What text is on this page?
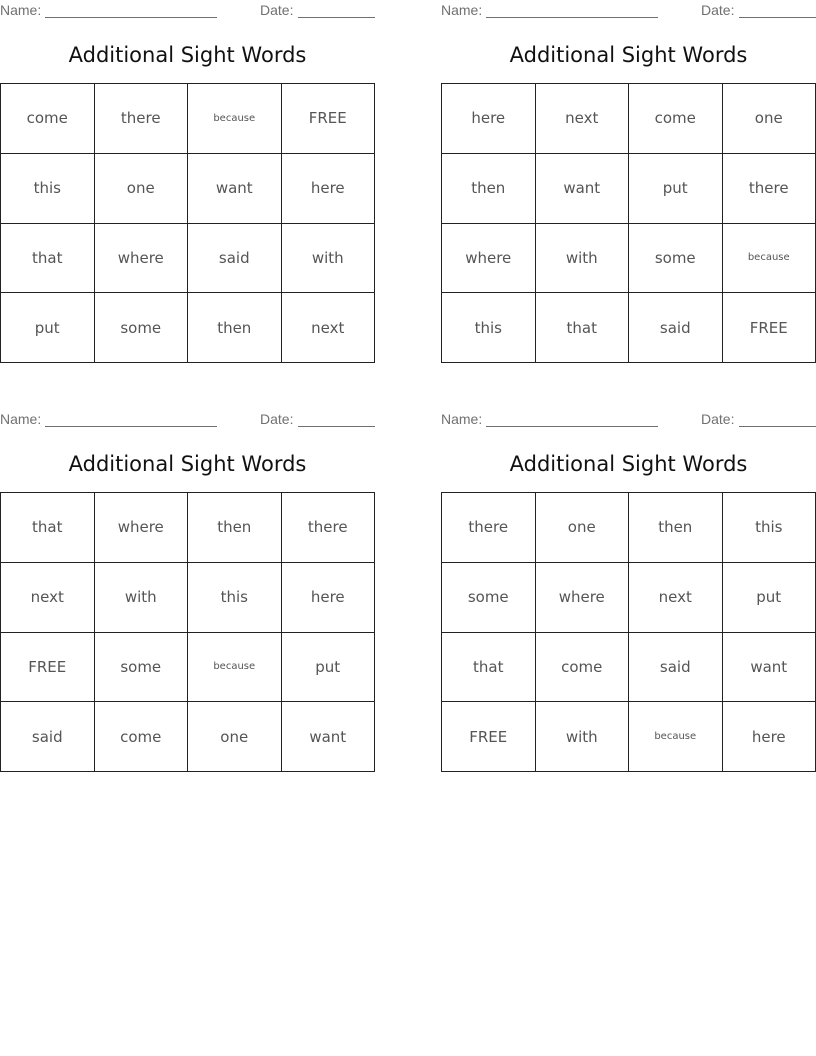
Name:	Date:
Additional Sight Words
come	there	because	FREE
this	one	want	here
that	where	said	with
put	some	then	next
Name:	Date:
Additional Sight Words
here	next	come	one
then	want	put	there
where	with	some	because
this	that	said	FREE
Name:	Date:
Additional Sight Words
that	where	then	there
next	with	this	here
FREE	some	because	put
said	come	one	want
Name:	Date:
Additional Sight Words
there	one	then	this
some	where	next	put
that	come	said	want
FREE	with	because	here
